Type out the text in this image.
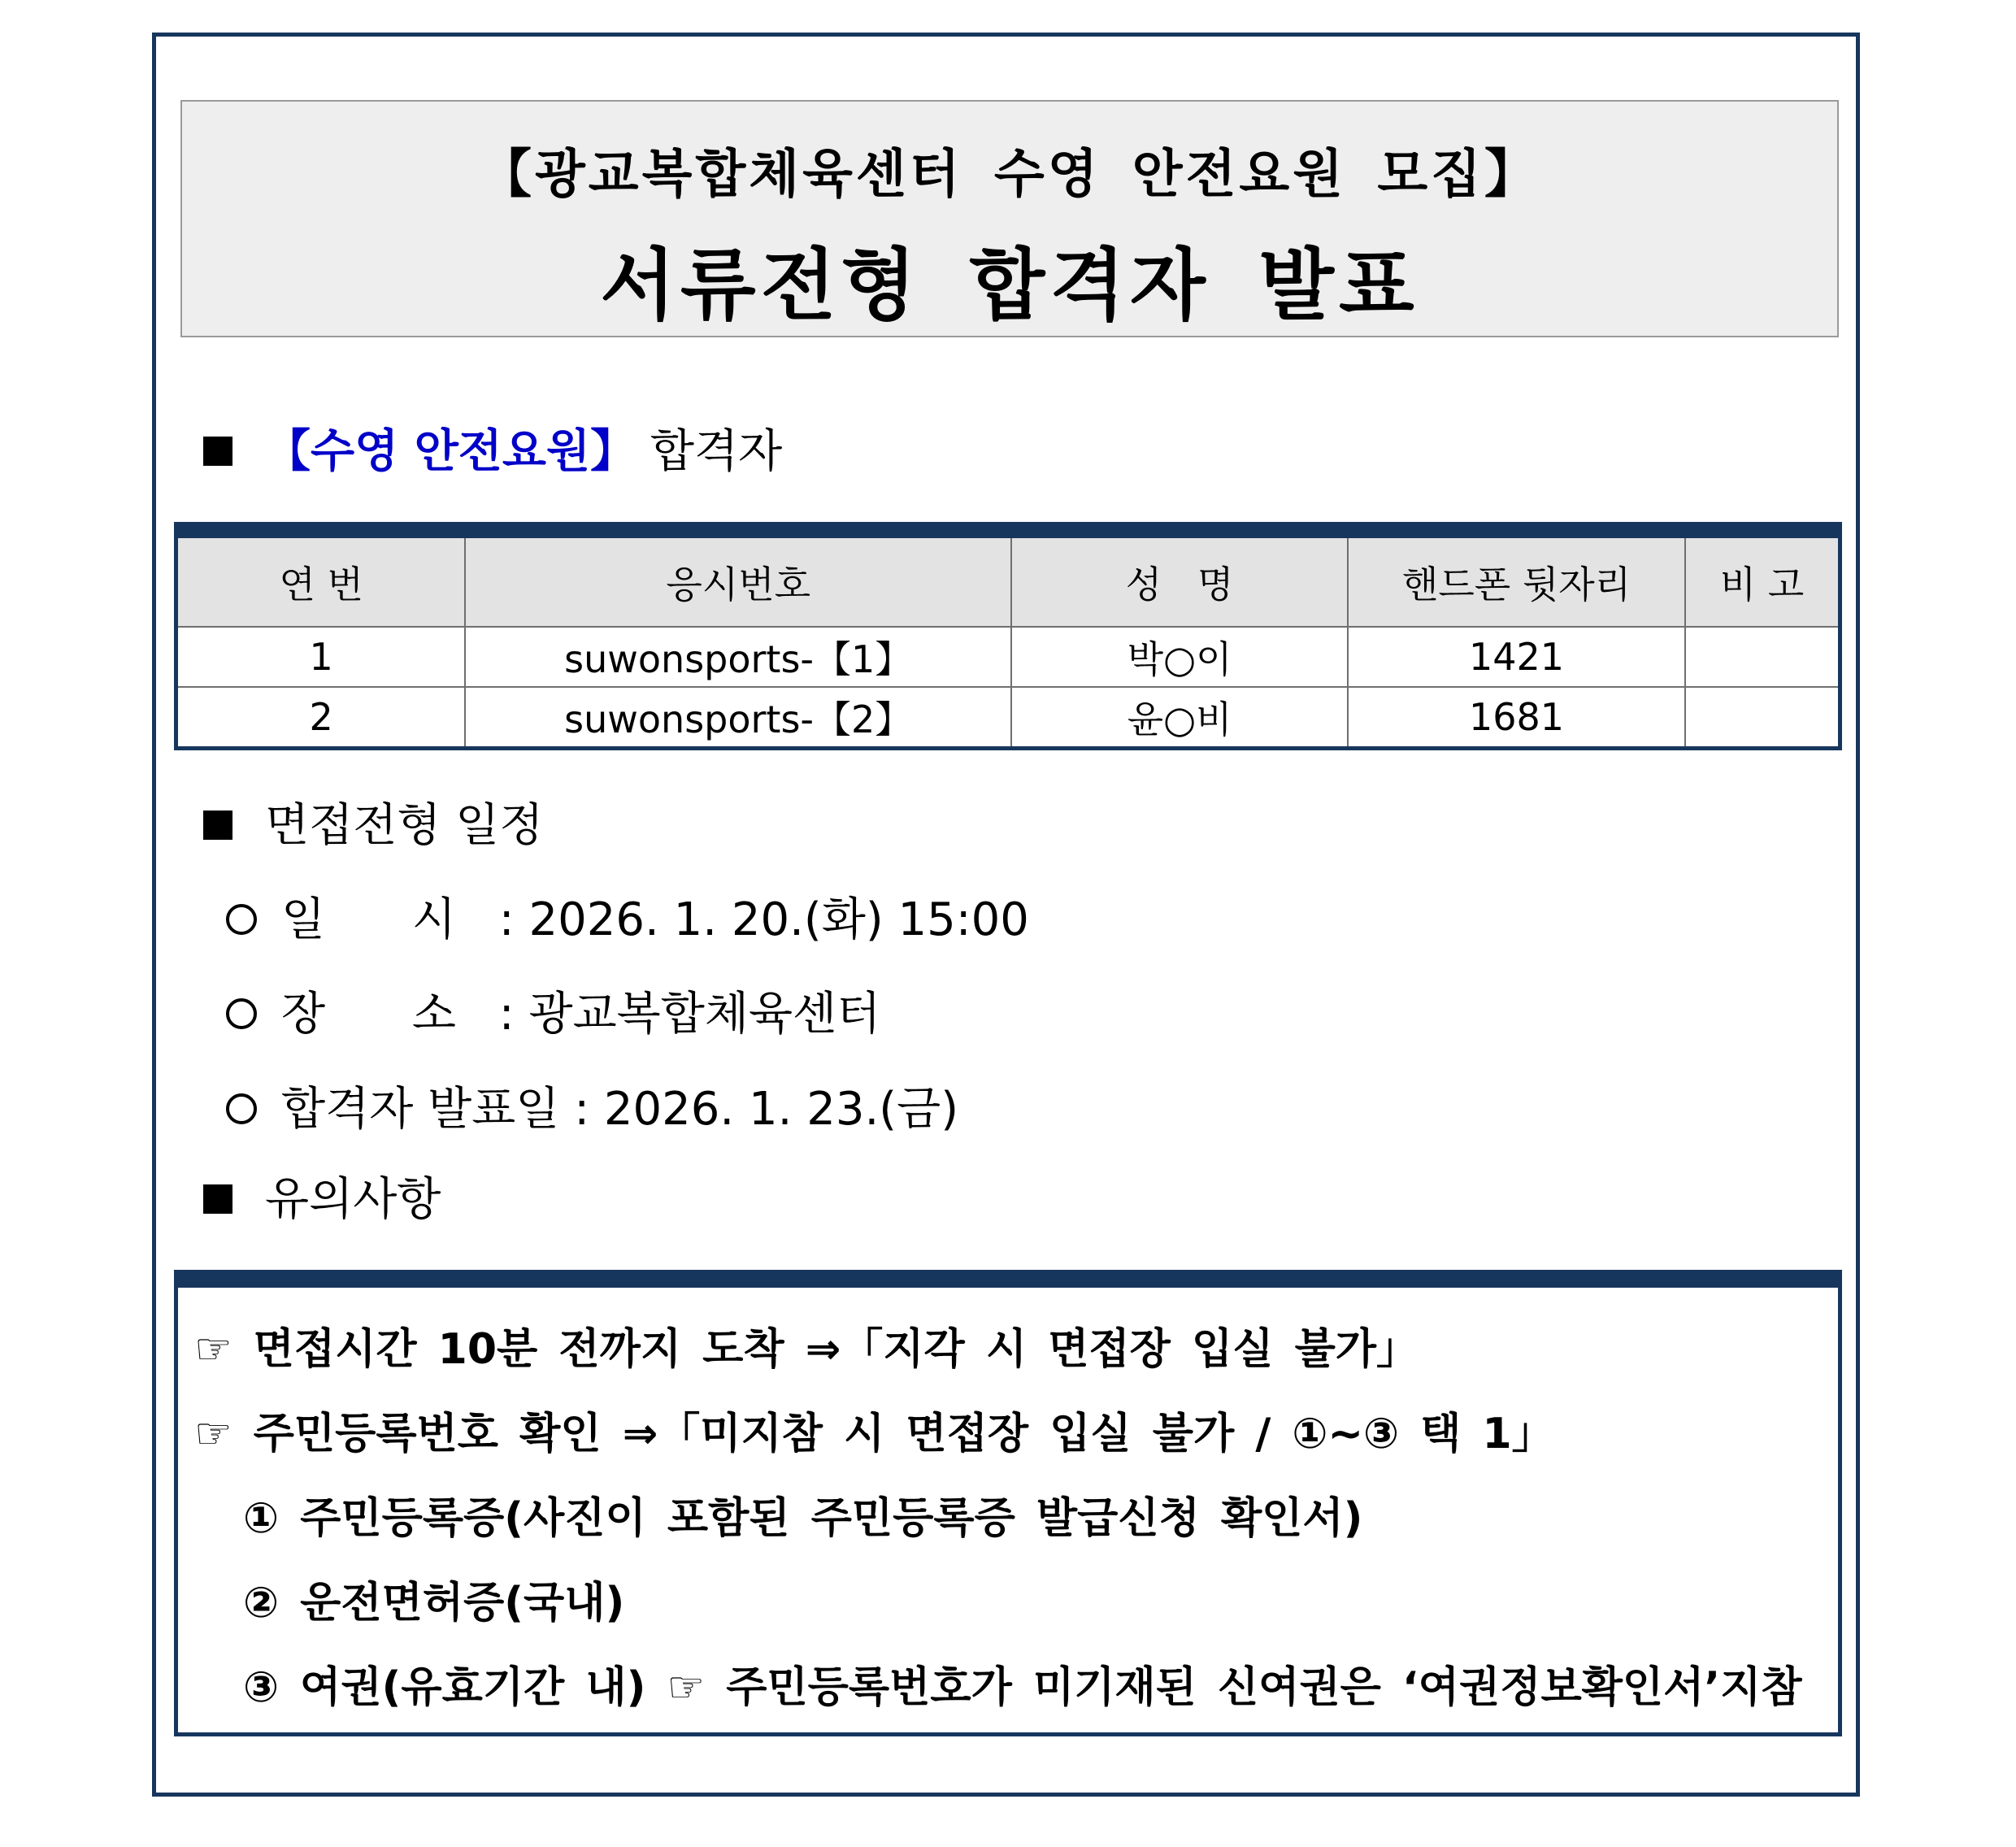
【광교복합체육센터 수영 안전요원 모집】
서류전형 합격자 발표
【수영 안전요원】 합격자
연 번	응시번호	성   명	핸드폰 뒷자리	비 고
1	suwonsports-【1】	박○이	1421	
2	suwonsports-【2】	윤○비	1681	
면접전형 일정
일      시 : 2026. 1. 20.(화) 15:00
장      소 : 광교복합체육센터
합격자 발표일 : 2026. 1. 23.(금)
유의사항
☞ 면접시간 10분 전까지 도착 ⇒「지각 시 면접장 입실 불가」
☞ 주민등록번호 확인 ⇒「미지참 시 면접장 입실 불가 / ①~③ 택 1」
① 주민등록증(사진이 포함된 주민등록증 발급신청 확인서)
② 운전면허증(국내)
③ 여권(유효기간 내) ☞ 주민등록번호가 미기재된 신여권은 ‘여권정보확인서’지참
